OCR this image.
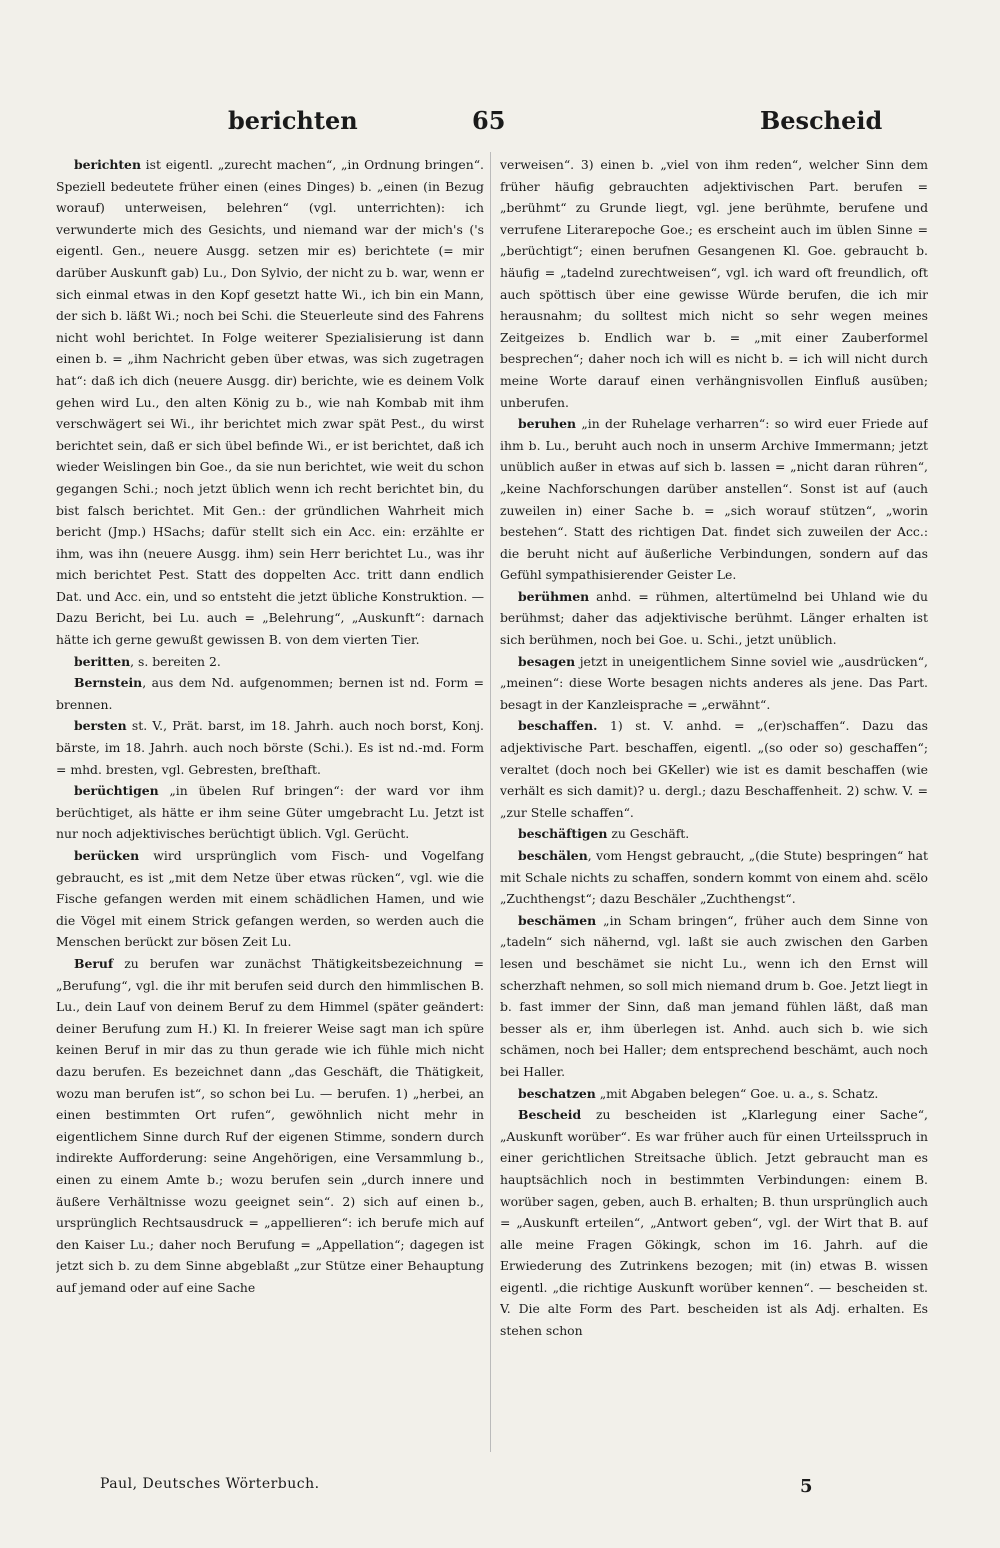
berichten	65	Bescheid

berichten ist eigentl. „zurecht machen“, „in Ordnung bringen“. Speziell bedeutete früher einen (eines Dinges) b. „einen (in Bezug worauf) unterweisen, belehren“ (vgl. unterrichten): ich verwunderte mich des Gesichts, und niemand war der mich's ('s eigentl. Gen., neuere Ausgg. setzen mir es) berichtete (= mir darüber Auskunft gab) Lu., Don Sylvio, der nicht zu b. war, wenn er sich einmal etwas in den Kopf gesetzt hatte Wi., ich bin ein Mann, der sich b. läßt Wi.; noch bei Schi. die Steuerleute sind des Fahrens nicht wohl berichtet. In Folge weiterer Spezialisierung ist dann einen b. = „ihm Nachricht geben über etwas, was sich zugetragen hat“: daß ich dich (neuere Ausgg. dir) berichte, wie es deinem Volk gehen wird Lu., den alten König zu b., wie nah Kombab mit ihm verschwägert sei Wi., ihr berichtet mich zwar spät Pest., du wirst berichtet sein, daß er sich übel befinde Wi., er ist berichtet, daß ich wieder Weislingen bin Goe., da sie nun berichtet, wie weit du schon gegangen Schi.; noch jetzt üblich wenn ich recht berichtet bin, du bist falsch berichtet. Mit Gen.: der gründlichen Wahrheit mich bericht (Jmp.) HSachs; dafür stellt sich ein Acc. ein: erzählte er ihm, was ihn (neuere Ausgg. ihm) sein Herr berichtet Lu., was ihr mich berichtet Pest. Statt des doppelten Acc. tritt dann endlich Dat. und Acc. ein, und so entsteht die jetzt übliche Konstruktion. — Dazu Bericht, bei Lu. auch = „Belehrung“, „Auskunft“: darnach hätte ich gerne gewußt gewissen B. von dem vierten Tier.

beritten, s. bereiten 2.

Bernstein, aus dem Nd. aufgenommen; bernen ist nd. Form = brennen.

bersten st. V., Prät. barst, im 18. Jahrh. auch noch borst, Konj. bärste, im 18. Jahrh. auch noch börste (Schi.). Es ist nd.-md. Form = mhd. bresten, vgl. Gebresten, breſthaft.

berüchtigen „in übelen Ruf bringen“: der ward vor ihm berüchtiget, als hätte er ihm seine Güter umgebracht Lu. Jetzt ist nur noch adjektivisches berüchtigt üblich. Vgl. Gerücht.

berücken wird ursprünglich vom Fisch- und Vogelfang gebraucht, es ist „mit dem Netze über etwas rücken“, vgl. wie die Fische gefangen werden mit einem schädlichen Hamen, und wie die Vögel mit einem Strick gefangen werden, so werden auch die Menschen berückt zur bösen Zeit Lu.

Beruf zu berufen war zunächst Thätigkeitsbezeichnung = „Berufung“, vgl. die ihr mit berufen seid durch den himmlischen B. Lu., dein Lauf von deinem Beruf zu dem Himmel (später geändert: deiner Berufung zum H.) Kl. In freierer Weise sagt man ich spüre keinen Beruf in mir das zu thun gerade wie ich fühle mich nicht dazu berufen. Es bezeichnet dann „das Geschäft, die Thätigkeit, wozu man berufen ist“, so schon bei Lu. — berufen. 1) „herbei, an einen bestimmten Ort rufen“, gewöhnlich nicht mehr in eigentlichem Sinne durch Ruf der eigenen Stimme, sondern durch indirekte Aufforderung: seine Angehörigen, eine Versammlung b., einen zu einem Amte b.; wozu berufen sein „durch innere und äußere Verhältnisse wozu geeignet sein“. 2) sich auf einen b., ursprünglich Rechtsausdruck = „appellieren“: ich berufe mich auf den Kaiser Lu.; daher noch Berufung = „Appellation“; dagegen ist jetzt sich b. zu dem Sinne abgeblaßt „zur Stütze einer Behauptung auf jemand oder auf eine Sache

verweisen“. 3) einen b. „viel von ihm reden“, welcher Sinn dem früher häufig gebrauchten adjektivischen Part. berufen = „berühmt“ zu Grunde liegt, vgl. jene berühmte, berufene und verrufene Literarepoche Goe.; es erscheint auch im üblen Sinne = „berüchtigt“; einen berufnen Gesangenen Kl. Goe. gebraucht b. häufig = „tadelnd zurechtweisen“, vgl. ich ward oft freundlich, oft auch spöttisch über eine gewisse Würde berufen, die ich mir herausnahm; du solltest mich nicht so sehr wegen meines Zeitgeizes b. Endlich war b. = „mit einer Zauberformel besprechen“; daher noch ich will es nicht b. = ich will nicht durch meine Worte darauf einen verhängnisvollen Einfluß ausüben; unberufen.

beruhen „in der Ruhelage verharren“: so wird euer Friede auf ihm b. Lu., beruht auch noch in unserm Archive Immermann; jetzt unüblich außer in etwas auf sich b. lassen = „nicht daran rühren“, „keine Nachforschungen darüber anstellen“. Sonst ist auf (auch zuweilen in) einer Sache b. = „sich worauf stützen“, „worin bestehen“. Statt des richtigen Dat. findet sich zuweilen der Acc.: die beruht nicht auf äußerliche Verbindungen, sondern auf das Gefühl sympathisierender Geister Le.

berühmen anhd. = rühmen, altertümelnd bei Uhland wie du berühmst; daher das adjektivische berühmt. Länger erhalten ist sich berühmen, noch bei Goe. u. Schi., jetzt unüblich.

besagen jetzt in uneigentlichem Sinne soviel wie „ausdrücken“, „meinen“: diese Worte besagen nichts anderes als jene. Das Part. besagt in der Kanzleisprache = „erwähnt“.

beschaffen. 1) st. V. anhd. = „(er)schaffen“. Dazu das adjektivische Part. beschaffen, eigentl. „(so oder so) geschaffen“; veraltet (doch noch bei GKeller) wie ist es damit beschaffen (wie verhält es sich damit)? u. dergl.; dazu Beschaffenheit. 2) schw. V. = „zur Stelle schaffen“.

beschäftigen zu Geschäft.

beschälen, vom Hengst gebraucht, „(die Stute) bespringen“ hat mit Schale nichts zu schaffen, sondern kommt von einem ahd. scëlo „Zuchthengst“; dazu Beschäler „Zuchthengst“.

beschämen „in Scham bringen“, früher auch dem Sinne von „tadeln“ sich nähernd, vgl. laßt sie auch zwischen den Garben lesen und beschämet sie nicht Lu., wenn ich den Ernst will scherzhaft nehmen, so soll mich niemand drum b. Goe. Jetzt liegt in b. fast immer der Sinn, daß man jemand fühlen läßt, daß man besser als er, ihm überlegen ist. Anhd. auch sich b. wie sich schämen, noch bei Haller; dem entsprechend beschämt, auch noch bei Haller.

beschatzen „mit Abgaben belegen“ Goe. u. a., s. Schatz.

Bescheid zu bescheiden ist „Klarlegung einer Sache“, „Auskunft worüber“. Es war früher auch für einen Urteilsspruch in einer gerichtlichen Streitsache üblich. Jetzt gebraucht man es hauptsächlich noch in bestimmten Verbindungen: einem B. worüber sagen, geben, auch B. erhalten; B. thun ursprünglich auch = „Auskunft erteilen“, „Antwort geben“, vgl. der Wirt that B. auf alle meine Fragen Gökingk, schon im 16. Jahrh. auf die Erwiederung des Zutrinkens bezogen; mit (in) etwas B. wissen eigentl. „die richtige Auskunft worüber kennen“. — bescheiden st. V. Die alte Form des Part. bescheiden ist als Adj. erhalten. Es stehen schon

Paul, Deutsches Wörterbuch.	5
